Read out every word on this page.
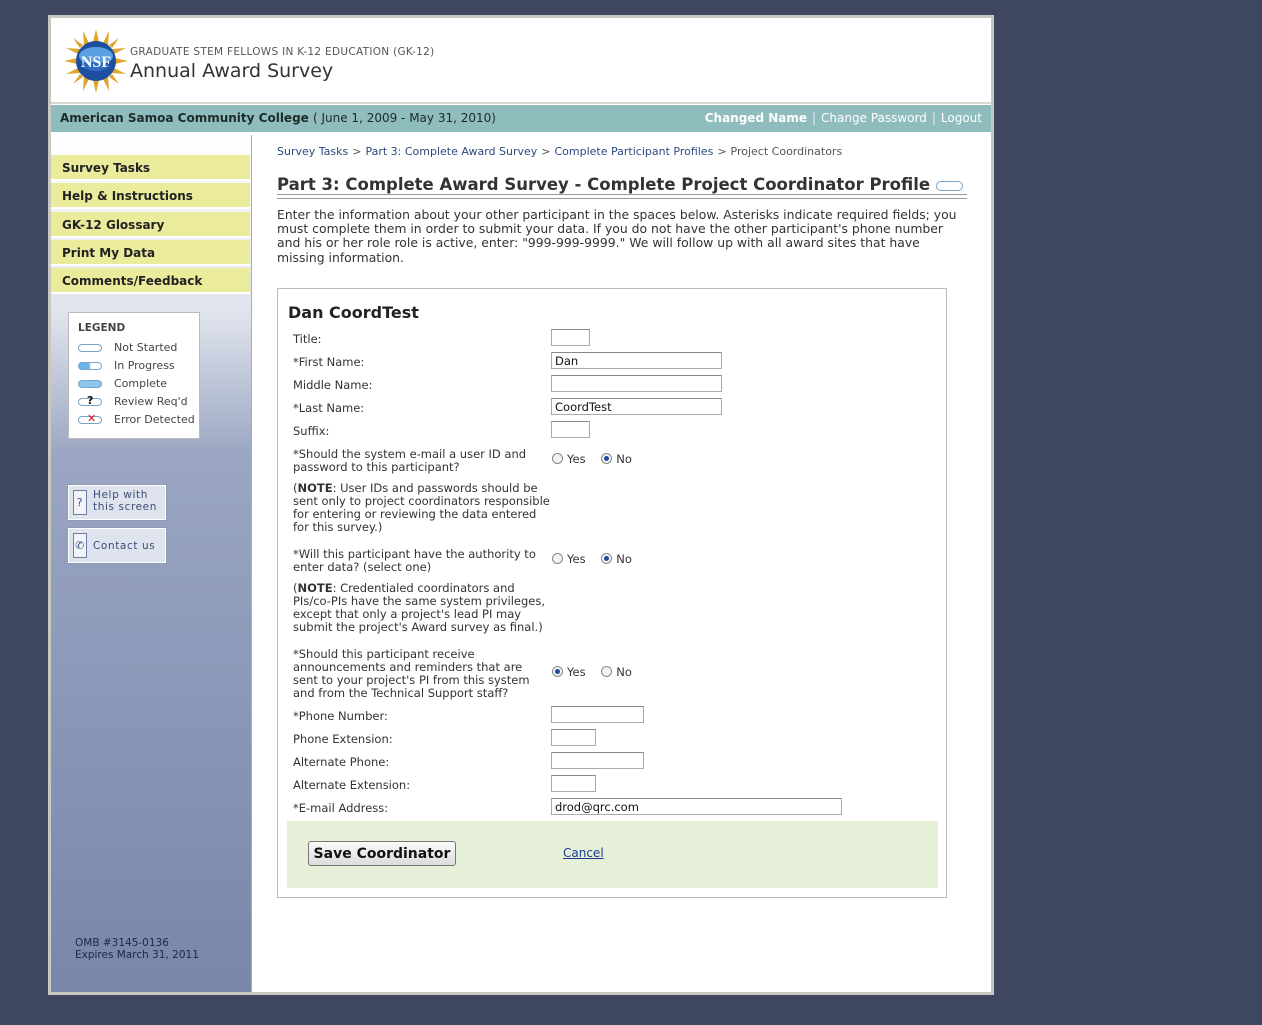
NSF
GRADUATE STEM FELLOWS IN K-12 EDUCATION (GK-12)
Annual Award Survey
American Samoa Community College ( June 1, 2009 - May 31, 2010)	Changed Name | Change Password | Logout
Survey Tasks
Help & Instructions
GK-12 Glossary
Print My Data
Comments/Feedback
LEGEND
Not Started
In Progress
Complete
? Review Req'd
✕ Error Detected
?
Help with
this screen
✆ Contact us
OMB #3145-0136
Expires March 31, 2011
Survey Tasks > Part 3: Complete Award Survey > Complete Participant Profiles > Project Coordinators
Part 3: Complete Award Survey - Complete Project Coordinator Profile
Enter the information about your other participant in the spaces below. Asterisks indicate required fields; you must complete them in order to submit your data. If you do not have the other participant's phone number and his or her role role is active, enter: "999-999-9999." We will follow up with all award sites that have missing information.
Dan CoordTest
Title:
*First Name:
Dan
Middle Name:
*Last Name:
CoordTest
Suffix:
*Should the system e-mail a user ID and
password to this participant?
Yes	No
(NOTE: User IDs and passwords should be
sent only to project coordinators responsible
for entering or reviewing the data entered
for this survey.)
*Will this participant have the authority to
enter data? (select one)
Yes	No
(NOTE: Credentialed coordinators and
PIs/co-PIs have the same system privileges,
except that only a project's lead PI may
submit the project's Award survey as final.)
*Should this participant receive
announcements and reminders that are
sent to your project's PI from this system
and from the Technical Support staff?
Yes	No
*Phone Number:
Phone Extension:
Alternate Phone:
Alternate Extension:
*E-mail Address:
drod@qrc.com
Save Coordinator	Cancel
